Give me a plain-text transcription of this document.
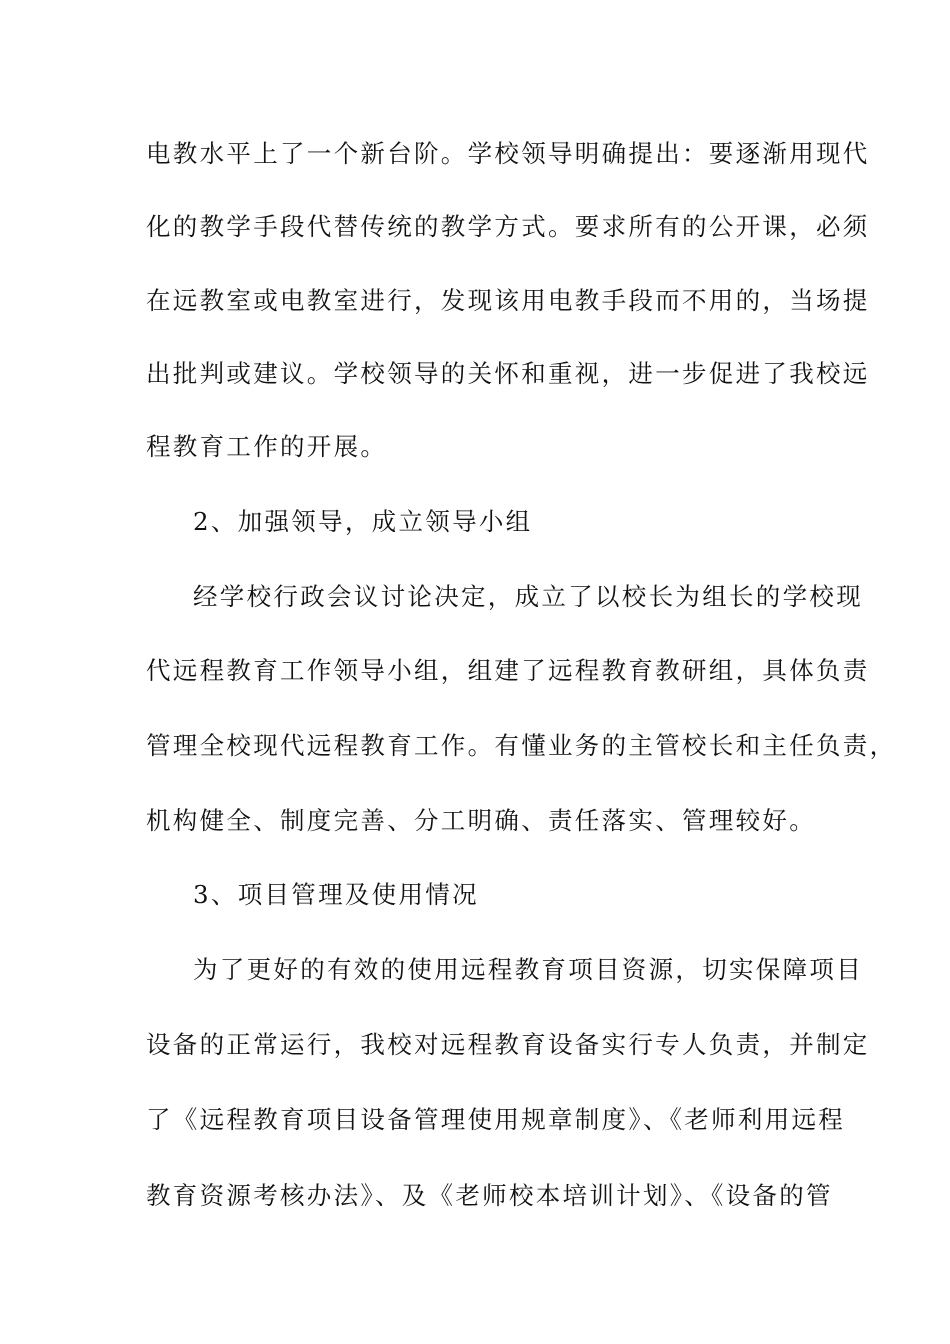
电教水平上了一个新台阶。学校领导明确提出：要逐渐用现代
化的教学手段代替传统的教学方式。要求所有的公开课，必须
在远教室或电教室进行，发现该用电教手段而不用的，当场提
出批判或建议。学校领导的关怀和重视，进一步促进了我校远
程教育工作的开展。
2、加强领导，成立领导小组
经学校行政会议讨论决定，成立了以校长为组长的学校现
代远程教育工作领导小组，组建了远程教育教研组，具体负责
管理全校现代远程教育工作。有懂业务的主管校长和主任负责，
机构健全、制度完善、分工明确、责任落实、管理较好。
3、项目管理及使用情况
为了更好的有效的使用远程教育项目资源，切实保障项目
设备的正常运行，我校对远程教育设备实行专人负责，并制定
了《远程教育项目设备管理使用规章制度》、《老师利用远程
教育资源考核办法》、及《老师校本培训计划》、《设备的管
